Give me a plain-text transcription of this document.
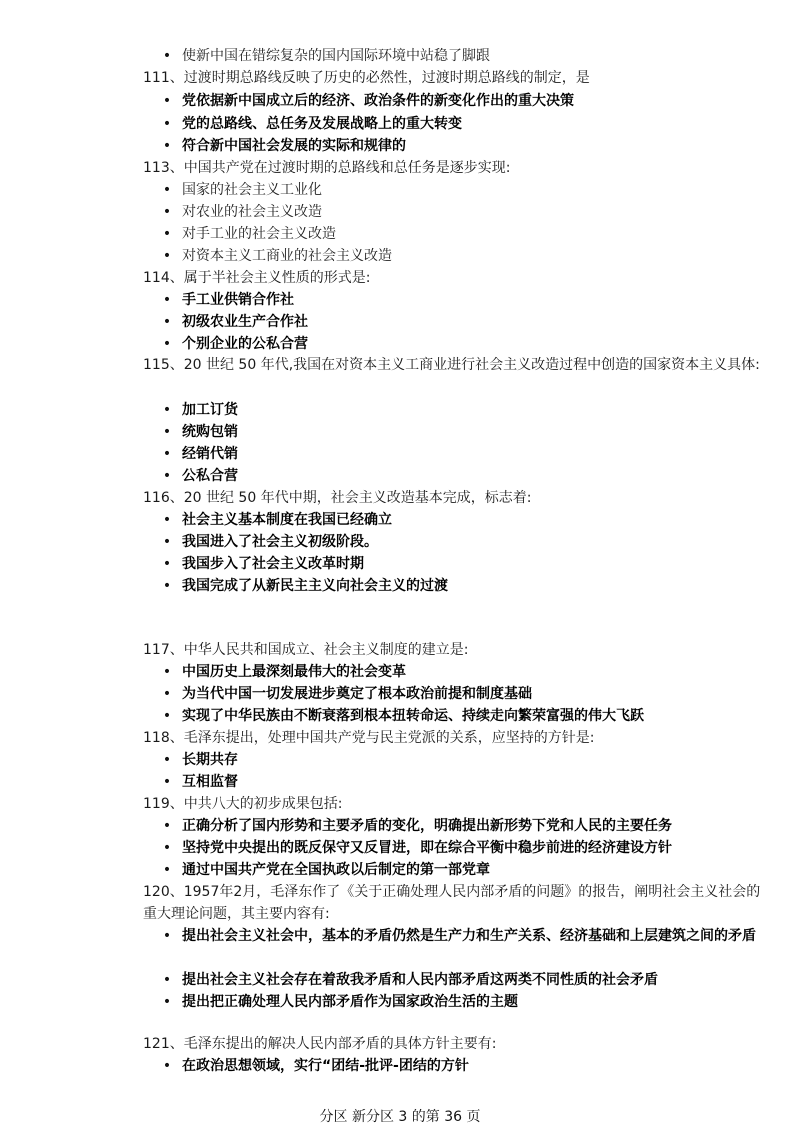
• 使新中国在错综复杂的国内国际环境中站稳了脚跟
111、过渡时期总路线反映了历史的必然性，过渡时期总路线的制定，是
• 党依据新中国成立后的经济、政治条件的新变化作出的重大决策
• 党的总路线、总任务及发展战略上的重大转变
• 符合新中国社会发展的实际和规律的
113、中国共产党在过渡时期的总路线和总任务是逐步实现:
• 国家的社会主义工业化
• 对农业的社会主义改造
• 对手工业的社会主义改造
• 对资本主义工商业的社会主义改造
114、属于半社会主义性质的形式是:
• 手工业供销合作社
• 初级农业生产合作社
• 个别企业的公私合营
115、20 世纪 50 年代,我国在对资本主义工商业进行社会主义改造过程中创造的国家资本主义具体:
• 加工订货
• 统购包销
• 经销代销
• 公私合营
116、20 世纪 50 年代中期，社会主义改造基本完成，标志着:
• 社会主义基本制度在我国已经确立
• 我国进入了社会主义初级阶段。
• 我国步入了社会主义改革时期
• 我国完成了从新民主主义向社会主义的过渡
117、中华人民共和国成立、社会主义制度的建立是:
• 中国历史上最深刻最伟大的社会变革
• 为当代中国一切发展进步奠定了根本政治前提和制度基础
• 实现了中华民族由不断衰落到根本扭转命运、持续走向繁荣富强的伟大飞跃
118、毛泽东提出，处理中国共产党与民主党派的关系，应坚持的方针是:
• 长期共存
• 互相监督
119、中共八大的初步成果包括:
• 正确分析了国内形势和主要矛盾的变化，明确提出新形势下党和人民的主要任务
• 坚持党中央提出的既反保守又反冒进，即在综合平衡中稳步前进的经济建设方针
• 通过中国共产党在全国执政以后制定的第一部党章
120、1957年2月，毛泽东作了《关于正确处理人民内部矛盾的问题》的报告，阐明社会主义社会的重大理论问题，其主要内容有:
• 提出社会主义社会中，基本的矛盾仍然是生产力和生产关系、经济基础和上层建筑之间的矛盾
• 提出社会主义社会存在着敌我矛盾和人民内部矛盾这两类不同性质的社会矛盾
• 提出把正确处理人民内部矛盾作为国家政治生活的主题
121、毛泽东提出的解决人民内部矛盾的具体方针主要有:
• 在政治思想领域，实行“团结-批评-团结的方针
分区 新分区 3 的第 36 页
